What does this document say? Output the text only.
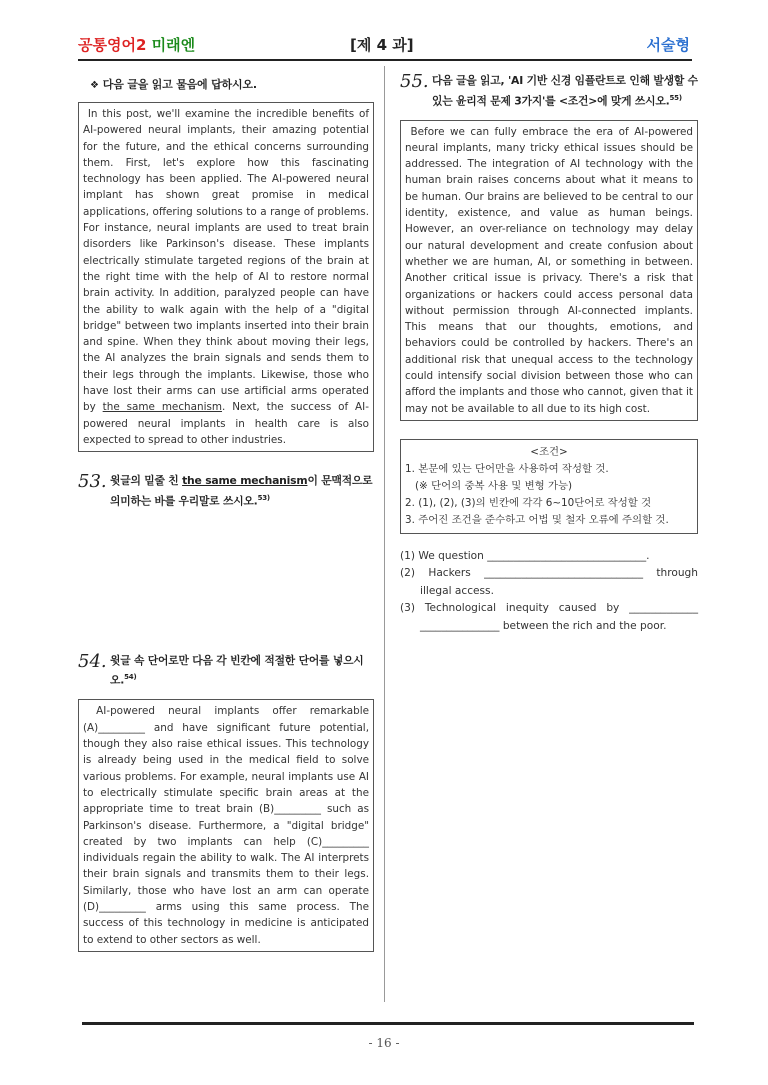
공통영어2 미래엔	[제 4 과]	서술형
❖ 다음 글을 읽고 물음에 답하시오.
In this post, we'll examine the incredible benefits of AI-powered neural implants, their amazing potential for the future, and the ethical concerns surrounding them. First, let's explore how this fascinating technology has been applied. The AI-powered neural implant has shown great promise in medical applications, offering solutions to a range of problems. For instance, neural implants are used to treat brain disorders like Parkinson's disease. These implants electrically stimulate targeted regions of the brain at the right time with the help of AI to restore normal brain activity. In addition, paralyzed people can have the ability to walk again with the help of a "digital bridge" between two implants inserted into their brain and spine. When they think about moving their legs, the AI analyzes the brain signals and sends them to their legs through the implants. Likewise, those who have lost their arms can use artificial arms operated by the same mechanism. Next, the success of AI-powered neural implants in health care is also expected to spread to other industries.
53. 윗글의 밑줄 친 the same mechanism이 문맥적으로 의미하는 바를 우리말로 쓰시오.$^{53)}$
54. 윗글 속 단어로만 다음 각 빈칸에 적절한 단어를 넣으시오.$^{54)}$
AI-powered neural implants offer remarkable (A)_________ and have significant future potential, though they also raise ethical issues. This technology is already being used in the medical field to solve various problems. For example, neural implants use AI to electrically stimulate specific brain areas at the appropriate time to treat brain (B)_________ such as Parkinson's disease. Furthermore, a "digital bridge" created by two implants can help (C)_________ individuals regain the ability to walk. The AI interprets their brain signals and transmits them to their legs. Similarly, those who have lost an arm can operate (D)_________ arms using this same process. The success of this technology in medicine is anticipated to extend to other sectors as well.
55. 다음 글을 읽고, 'AI 기반 신경 임플란트로 인해 발생할 수 있는 윤리적 문제 3가지'를 <조건>에 맞게 쓰시오.$^{55)}$
Before we can fully embrace the era of AI-powered neural implants, many tricky ethical issues should be addressed. The integration of AI technology with the human brain raises concerns about what it means to be human. Our brains are believed to be central to our identity, existence, and value as human beings. However, an over-reliance on technology may delay our natural development and create confusion about whether we are human, AI, or something in between. Another critical issue is privacy. There's a risk that organizations or hackers could access personal data without permission through AI-connected implants. This means that our thoughts, emotions, and behaviors could be controlled by hackers. There's an additional risk that unequal access to the technology could intensify social division between those who can afford the implants and those who cannot, given that it may not be available to all due to its high cost.
<조건>
1. 본문에 있는 단어만을 사용하여 작성할 것.
(※ 단어의 중복 사용 및 변형 가능)
2. (1), (2), (3)의 빈칸에 각각 6~10단어로 작성할 것
3. 주어진 조건을 준수하고 어법 및 철자 오류에 주의할 것.
(1) We question ______________________________.
(2) Hackers ______________________________ through illegal access.
(3) Technological inequity caused by _____________ _______________ between the rich and the poor.
- 16 -
